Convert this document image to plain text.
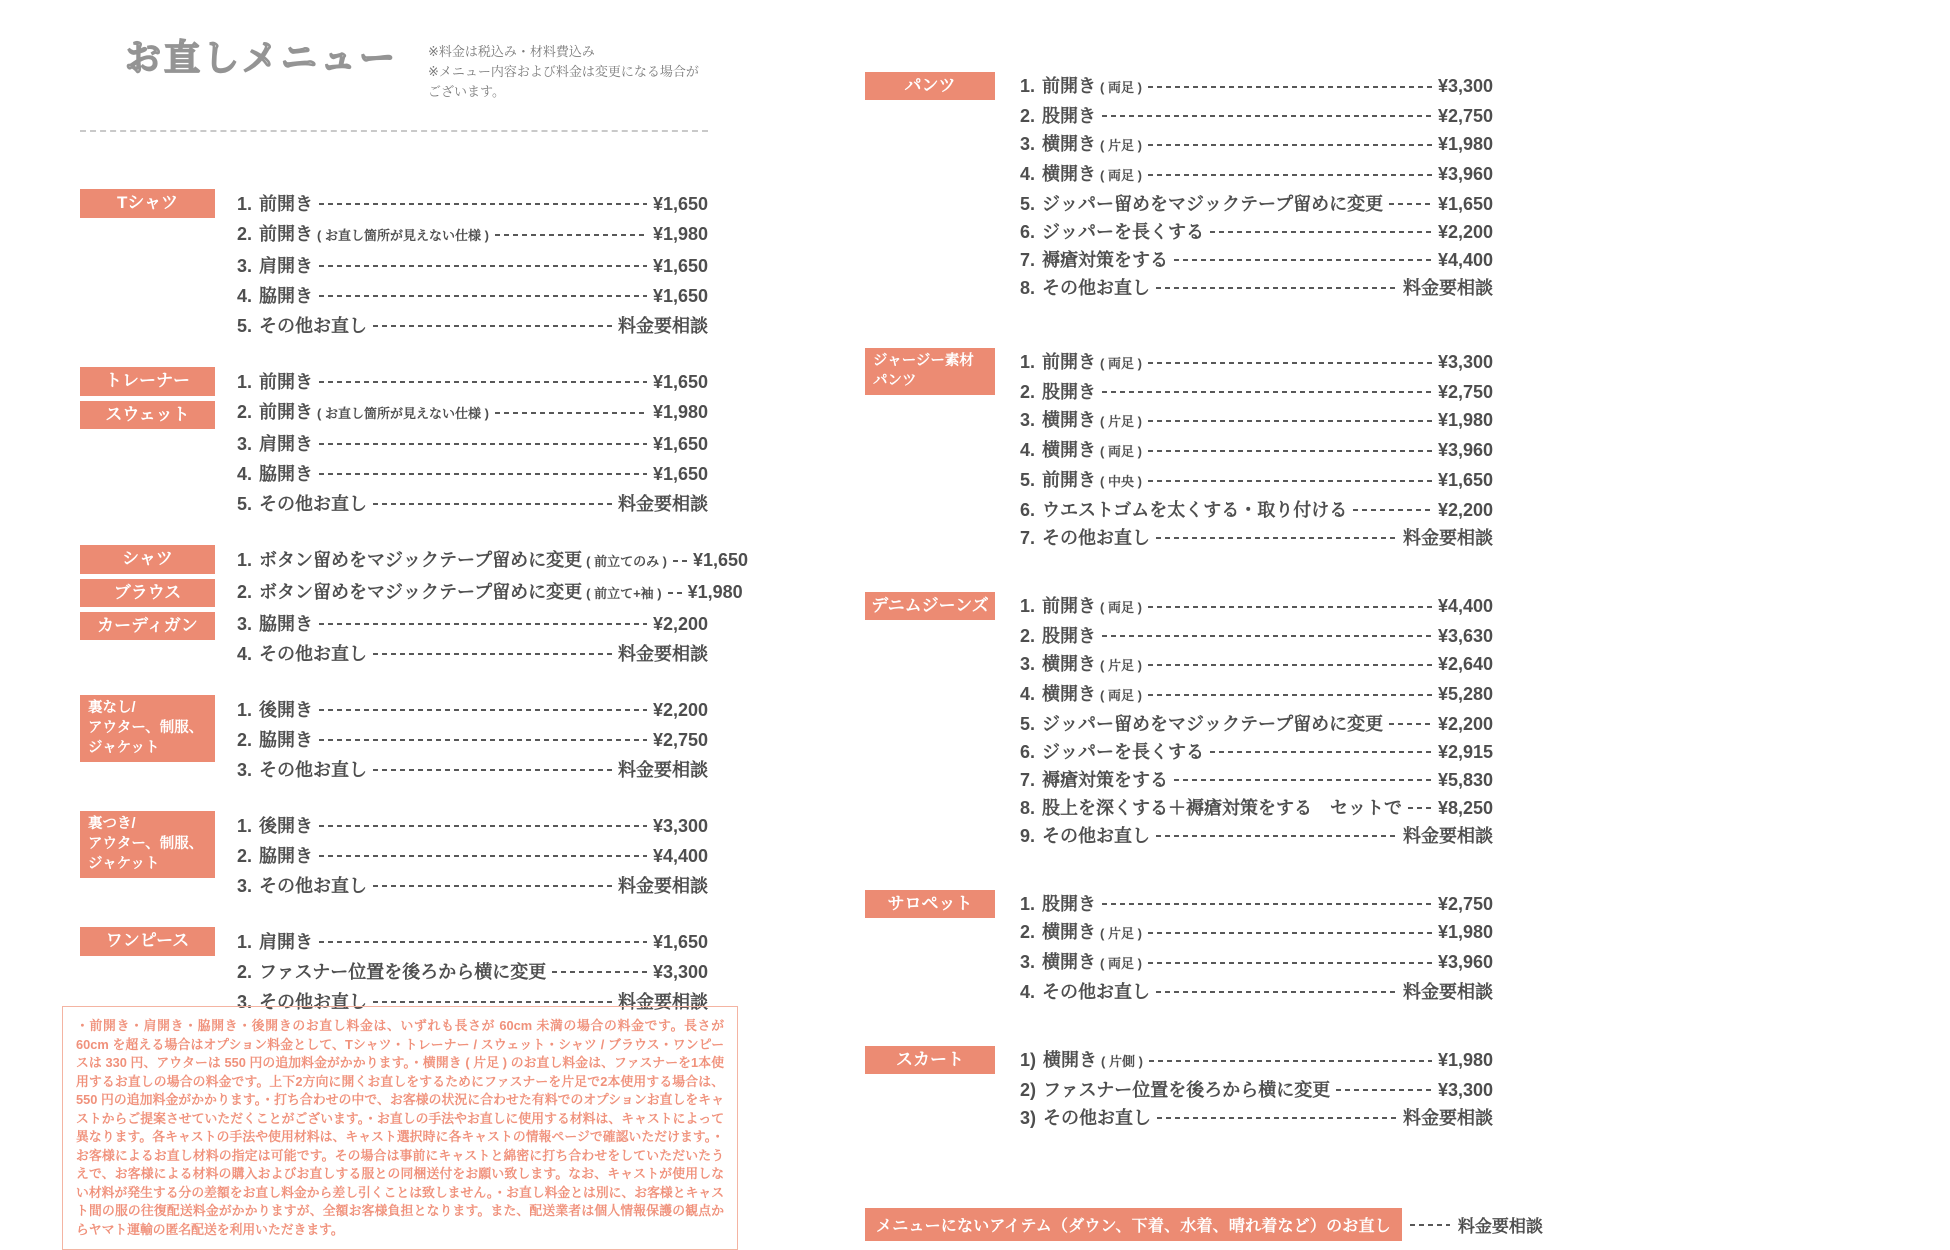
お直しメニュー ※料金は税込み・材料費込み
※メニュー内容および料金は変更になる場合がございます。
Tシャツ	1. 前開き	¥1,650
2. 前開き ( お直し箇所が見えない仕様 )	¥1,980
3. 肩開き	¥1,650
4. 脇開き	¥1,650
5. その他お直し	料金要相談
トレーナー
スウェット
1. 前開き	¥1,650
2. 前開き ( お直し箇所が見えない仕様 )	¥1,980
3. 肩開き	¥1,650
4. 脇開き	¥1,650
5. その他お直し	料金要相談
シャツ
ブラウス
カーディガン
1. ボタン留めをマジックテープ留めに変更 ( 前立てのみ ) ¥1,650
2. ボタン留めをマジックテープ留めに変更 ( 前立て+袖 ) ¥1,980
3. 脇開き	¥2,200
4. その他お直し	料金要相談
裏なし/
アウター、制服、
ジャケット
1. 後開き	¥2,200
2. 脇開き	¥2,750
3. その他お直し	料金要相談
裏つき/
アウター、制服、
ジャケット
1. 後開き	¥3,300
2. 脇開き	¥4,400
3. その他お直し	料金要相談
ワンピース	1. 肩開き	¥1,650
2. ファスナー位置を後ろから横に変更	¥3,300
3. その他お直し	料金要相談
・前開き・肩開き・脇開き・後開きのお直し料金は、いずれも長さが 60cm 未満の場合の料金です。長さが 60cm を超える場合はオプション料金として、Tシャツ・トレーナー / スウェット・シャツ / ブラウス・ワンピースは 330 円、アウターは 550 円の追加料金がかかります。・横開き ( 片足 ) のお直し料金は、ファスナーを1本使用するお直しの場合の料金です。上下2方向に開くお直しをするためにファスナーを片足で2本使用する場合は、550 円の追加料金がかかります。・打ち合わせの中で、お客様の状況に合わせた有料でのオプションお直しをキャストからご提案させていただくことがございます。・お直しの手法やお直しに使用する材料は、キャストによって異なります。各キャストの手法や使用材料は、キャスト選択時に各キャストの情報ページで確認いただけます。・お客様によるお直し材料の指定は可能です。その場合は事前にキャストと綿密に打ち合わせをしていただいたうえで、お客様による材料の購入およびお直しする服との同梱送付をお願い致します。なお、キャストが使用しない材料が発生する分の差額をお直し料金から差し引くことは致しません。・お直し料金とは別に、お客様とキャスト間の服の往復配送料金がかかりますが、全額お客様負担となります。また、配送業者は個人情報保護の観点からヤマト運輸の匿名配送を利用いただきます。
パンツ	1. 前開き ( 両足 )	¥3,300
2. 股開き	¥2,750
3. 横開き ( 片足 )	¥1,980
4. 横開き ( 両足 )	¥3,960
5. ジッパー留めをマジックテープ留めに変更	¥1,650
6. ジッパーを長くする	¥2,200
7. 褥瘡対策をする	¥4,400
8. その他お直し	料金要相談
ジャージー素材
パンツ
1. 前開き ( 両足 )	¥3,300
2. 股開き	¥2,750
3. 横開き ( 片足 )	¥1,980
4. 横開き ( 両足 )	¥3,960
5. 前開き ( 中央 )	¥1,650
6. ウエストゴムを太くする・取り付ける	¥2,200
7. その他お直し	料金要相談
デニムジーンズ 1. 前開き ( 両足 )	¥4,400
2. 股開き	¥3,630
3. 横開き ( 片足 )	¥2,640
4. 横開き ( 両足 )	¥5,280
5. ジッパー留めをマジックテープ留めに変更	¥2,200
6. ジッパーを長くする	¥2,915
7. 褥瘡対策をする	¥5,830
8. 股上を深くする＋褥瘡対策をする　セットで ¥8,250
9. その他お直し	料金要相談
サロペット	1. 股開き	¥2,750
2. 横開き ( 片足 )	¥1,980
3. 横開き ( 両足 )	¥3,960
4. その他お直し	料金要相談
スカート	1) 横開き ( 片側 )	¥1,980
2) ファスナー位置を後ろから横に変更	¥3,300
3) その他お直し	料金要相談
メニューにないアイテム（ダウン、下着、水着、晴れ着など）のお直し	料金要相談
